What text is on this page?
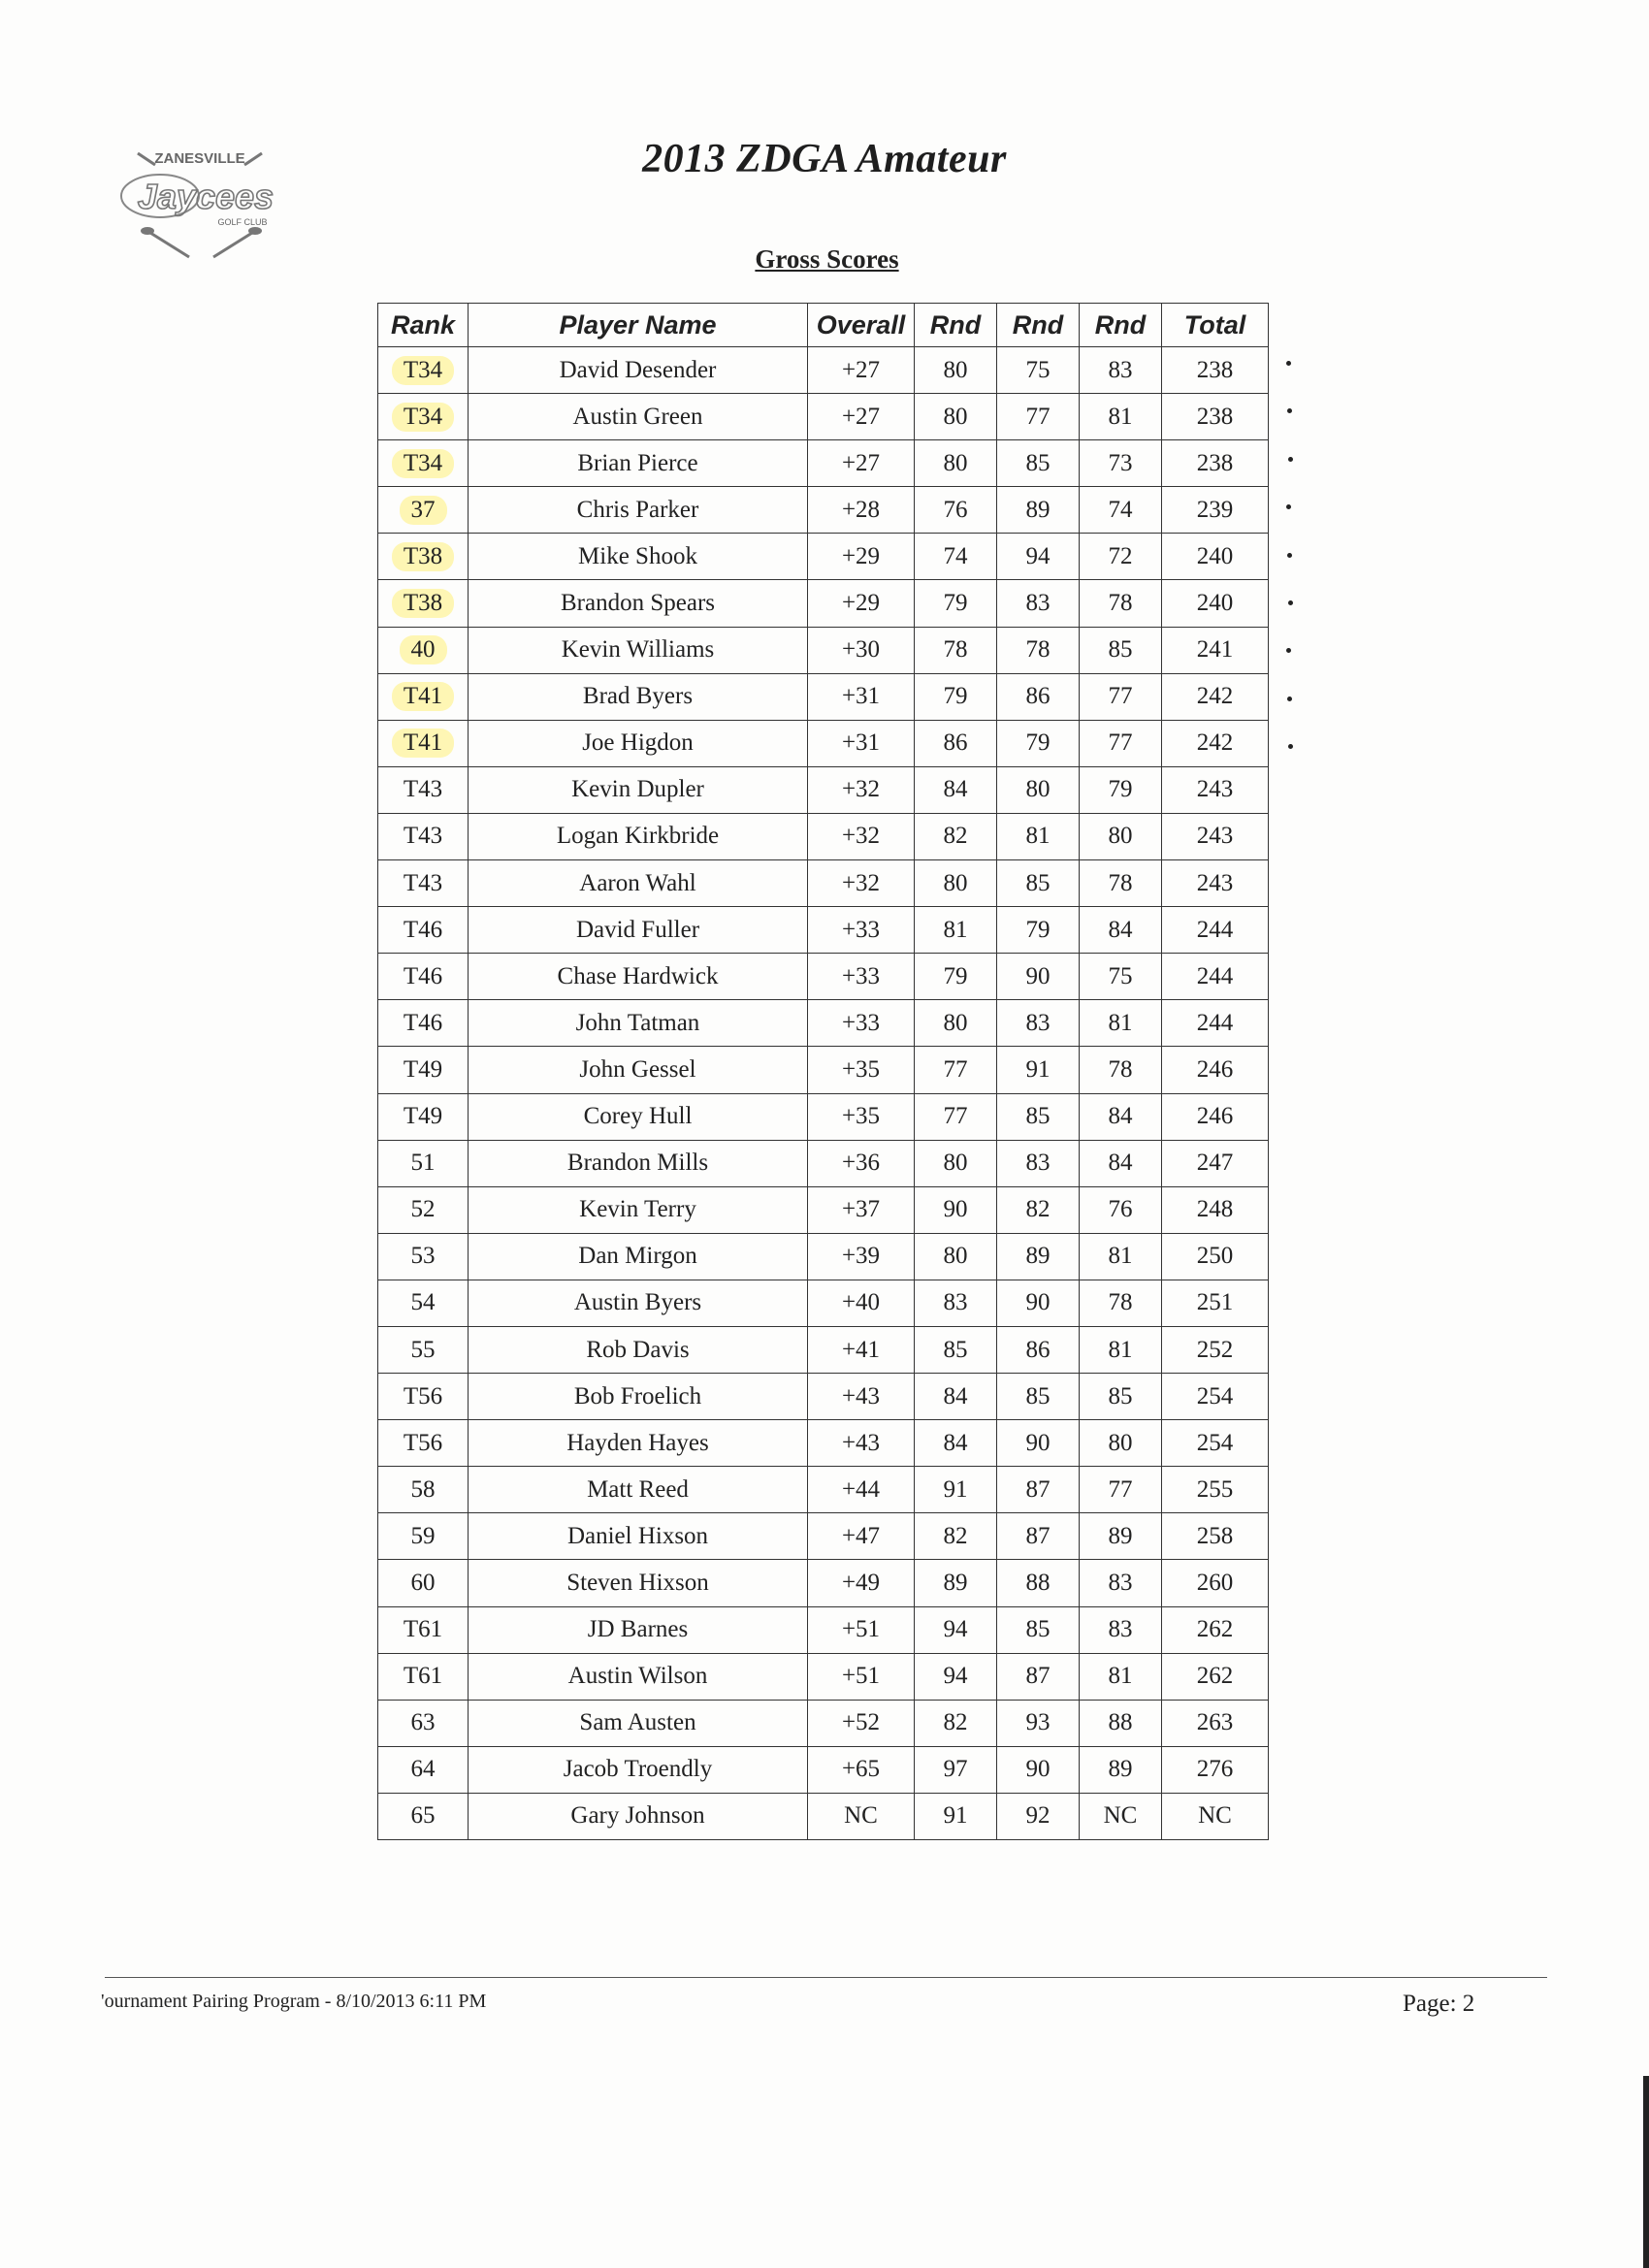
ZANESVILLE
Jaycees
GOLF CLUB
2013 ZDGA Amateur
Gross Scores
Rank	Player Name	Overall	Rnd	Rnd	Rnd	Total
T34	David Desender	+27	80	75	83	238
T34	Austin Green	+27	80	77	81	238
T34	Brian Pierce	+27	80	85	73	238
37	Chris Parker	+28	76	89	74	239
T38	Mike Shook	+29	74	94	72	240
T38	Brandon Spears	+29	79	83	78	240
40	Kevin Williams	+30	78	78	85	241
T41	Brad Byers	+31	79	86	77	242
T41	Joe Higdon	+31	86	79	77	242
T43	Kevin Dupler	+32	84	80	79	243
T43	Logan Kirkbride	+32	82	81	80	243
T43	Aaron Wahl	+32	80	85	78	243
T46	David Fuller	+33	81	79	84	244
T46	Chase Hardwick	+33	79	90	75	244
T46	John Tatman	+33	80	83	81	244
T49	John Gessel	+35	77	91	78	246
T49	Corey Hull	+35	77	85	84	246
51	Brandon Mills	+36	80	83	84	247
52	Kevin Terry	+37	90	82	76	248
53	Dan Mirgon	+39	80	89	81	250
54	Austin Byers	+40	83	90	78	251
55	Rob Davis	+41	85	86	81	252
T56	Bob Froelich	+43	84	85	85	254
T56	Hayden Hayes	+43	84	90	80	254
58	Matt Reed	+44	91	87	77	255
59	Daniel Hixson	+47	82	87	89	258
60	Steven Hixson	+49	89	88	83	260
T61	JD Barnes	+51	94	85	83	262
T61	Austin Wilson	+51	94	87	81	262
63	Sam Austen	+52	82	93	88	263
64	Jacob Troendly	+65	97	90	89	276
65	Gary Johnson	NC	91	92	NC	NC
'ournament Pairing Program - 8/10/2013 6:11 PM	Page: 2
